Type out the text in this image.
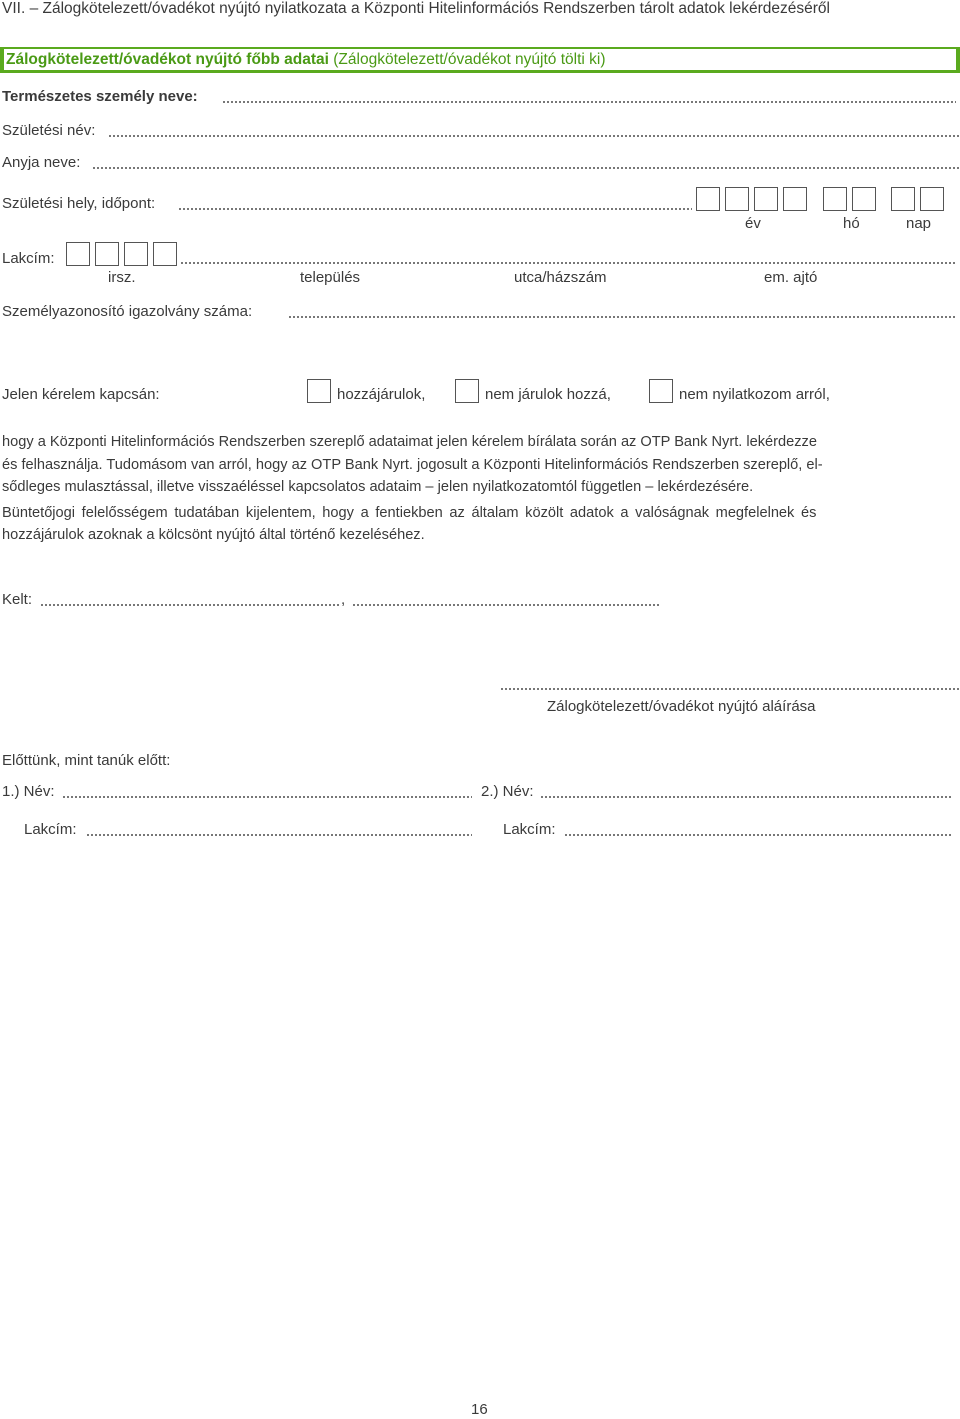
VII. – Zálogkötelezett/óvadékot nyújtó nyilatkozata a Központi Hitelinformációs Rendszerben tárolt adatok lekérdezéséről
Zálogkötelezett/óvadékot nyújtó főbb adatai (Zálogkötelezett/óvadékot nyújtó tölti ki)
Természetes személy neve:
Születési név:
Anyja neve:
Születési hely, időpont:
év	hó	nap
Lakcím:
irsz.	település	utca/házszám	em. ajtó
Személyazonosító igazolvány száma:
Jelen kérelem kapcsán:	hozzájárulok,	nem járulok hozzá,	nem nyilatkozom arról,
hogy a Központi Hitelinformációs Rendszerben szereplő adataimat jelen kérelem bírálata során az OTP Bank Nyrt. lekérdezze
és felhasználja. Tudomásom van arról, hogy az OTP Bank Nyrt. jogosult a Központi Hitelinformációs Rendszerben szereplő, el-
sődleges mulasztással, illetve visszaéléssel kapcsolatos adataim – jelen nyilatkozatomtól független – lekérdezésére.
Büntetőjogi felelősségem tudatában kijelentem, hogy a fentiekben az általam közölt adatok a valóságnak megfelelnek és
hozzájárulok azoknak a kölcsönt nyújtó által történő kezeléséhez.
Kelt:	,
Zálogkötelezett/óvadékot nyújtó aláírása
Előttünk, mint tanúk előtt:
1.) Név:	2.) Név:
Lakcím:	Lakcím:
16
